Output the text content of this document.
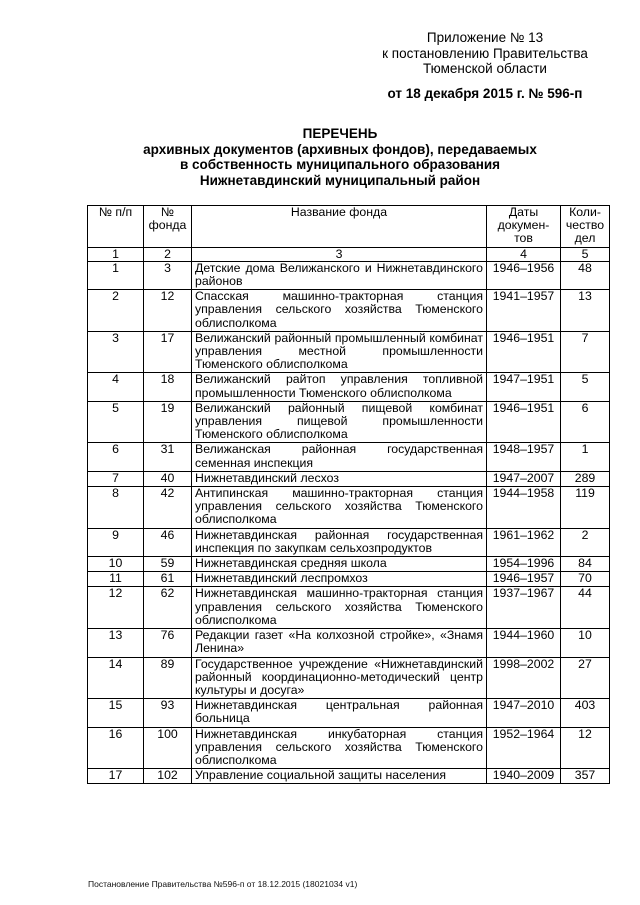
Приложение № 13
к постановлению Правительства
Тюменской области
от 18 декабря 2015 г. № 596-п
ПЕРЕЧЕНЬ
архивных документов (архивных фондов), передаваемых
в собственность муниципального образования
Нижнетавдинский муниципальный район
№ п/п	№ фонда	Название фонда	Даты докумен-тов	Коли-чество дел
1	2	3	4	5
1	3	Детские дома Велижанского и Нижнетавдинского районов	1946–1956	48
2	12	Спасская машинно-тракторная станция управления сельского хозяйства Тюменского облисполкома	1941–1957	13
3	17	Велижанский районный промышленный комбинат управления местной промышленности Тюменского облисполкома	1946–1951	7
4	18	Велижанский райтоп управления топливной промышленности Тюменского облисполкома	1947–1951	5
5	19	Велижанский районный пищевой комбинат управления пищевой промышленности Тюменского облисполкома	1946–1951	6
6	31	Велижанская районная государственная семенная инспекция	1948–1957	1
7	40	Нижнетавдинский лесхоз	1947–2007	289
8	42	Антипинская машинно-тракторная станция управления сельского хозяйства Тюменского облисполкома	1944–1958	119
9	46	Нижнетавдинская районная государственная инспекция по закупкам сельхозпродуктов	1961–1962	2
10	59	Нижнетавдинская средняя школа	1954–1996	84
11	61	Нижнетавдинский леспромхоз	1946–1957	70
12	62	Нижнетавдинская машинно-тракторная станция управления сельского хозяйства Тюменского облисполкома	1937–1967	44
13	76	Редакции газет «На колхозной стройке», «Знамя Ленина»	1944–1960	10
14	89	Государственное учреждение «Нижнетавдинский районный координационно-методический центр культуры и досуга»	1998–2002	27
15	93	Нижнетавдинская центральная районная больница	1947–2010	403
16	100	Нижнетавдинская инкубаторная станция управления сельского хозяйства Тюменского облисполкома	1952–1964	12
17	102	Управление социальной защиты населения	1940–2009	357
Постановление Правительства №596-п от 18.12.2015 (18021034 v1)
